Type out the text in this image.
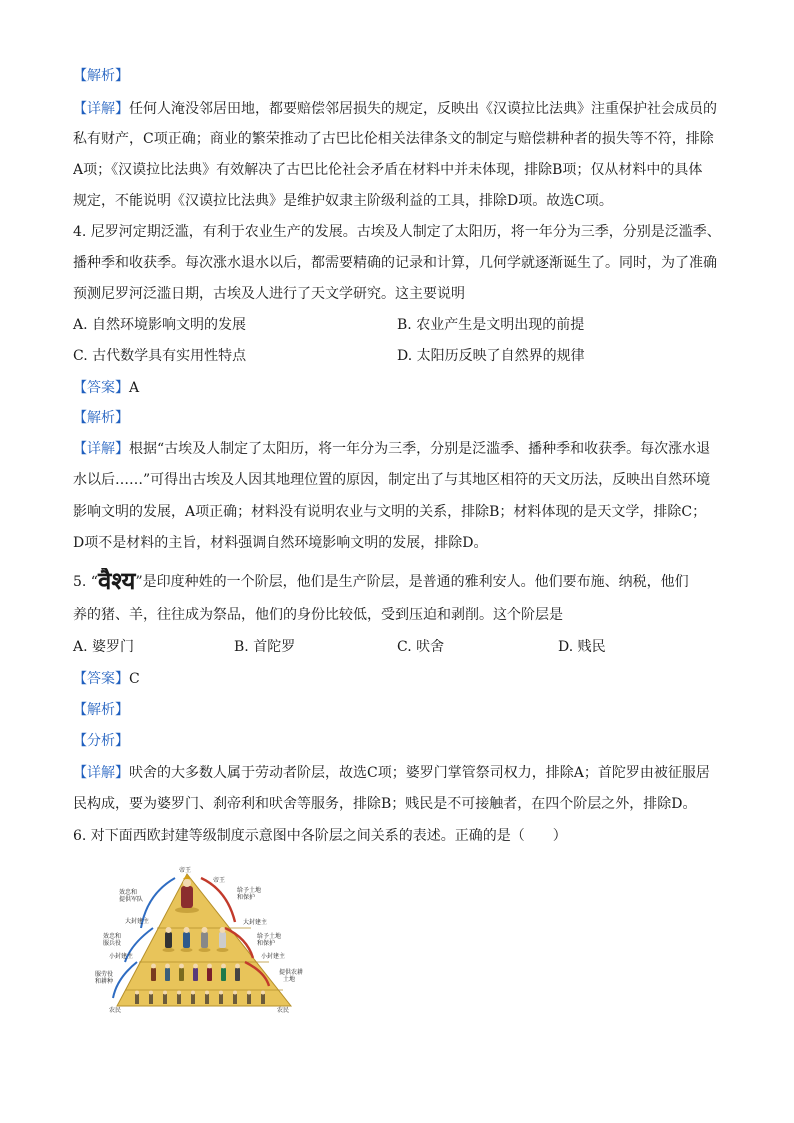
【解析】
【详解】任何人淹没邻居田地，都要赔偿邻居损失的规定，反映出《汉谟拉比法典》注重保护社会成员的
私有财产，C项正确；商业的繁荣推动了古巴比伦相关法律条文的制定与赔偿耕种者的损失等不符，排除
A项；《汉谟拉比法典》有效解决了古巴比伦社会矛盾在材料中并未体现，排除B项；仅从材料中的具体
规定，不能说明《汉谟拉比法典》是维护奴隶主阶级利益的工具，排除D项。故选C项。
4. 尼罗河定期泛滥，有利于农业生产的发展。古埃及人制定了太阳历，将一年分为三季，分别是泛滥季、
播种季和收获季。每次涨水退水以后，都需要精确的记录和计算，几何学就逐渐诞生了。同时，为了准确
预测尼罗河泛滥日期，古埃及人进行了天文学研究。这主要说明
A. 自然环境影响文明的发展	B. 农业产生是文明出现的前提
C. 古代数学具有实用性特点	D. 太阳历反映了自然界的规律
【答案】A
【解析】
【详解】根据“古埃及人制定了太阳历，将一年分为三季，分别是泛滥季、播种季和收获季。每次涨水退
水以后……”可得出古埃及人因其地理位置的原因，制定出了与其地区相符的天文历法，反映出自然环境
影响文明的发展，A项正确；材料没有说明农业与文明的关系，排除B；材料体现的是天文学，排除C；
D项不是材料的主旨，材料强调自然环境影响文明的发展，排除D。
5. “वैश्य”是印度种姓的一个阶层，他们是生产阶层，是普通的雅利安人。他们要布施、纳税，他们
养的猪、羊，往往成为祭品，他们的身份比较低，受到压迫和剥削。这个阶层是
A. 婆罗门	B. 首陀罗	C. 吠舍	D. 贱民
【答案】C
【解析】
【分析】
【详解】吠舍的大多数人属于劳动者阶层，故选C项；婆罗门掌管祭司权力，排除A；首陀罗由被征服居
民构成，要为婆罗门、刹帝利和吠舍等服务，排除B；贱民是不可接触者，在四个阶层之外，排除D。
6. 对下面西欧封建等级制度示意图中各阶层之间关系的表述。正确的是（　　）
帝王
帝王
效忠和
提供军队
给予土地
和保护
大封建主	大封建主
效忠和
服兵役
给予土地
和保护
小封建主	小封建主
服劳役
和耕种
提供农耕
土地
农民	农民
